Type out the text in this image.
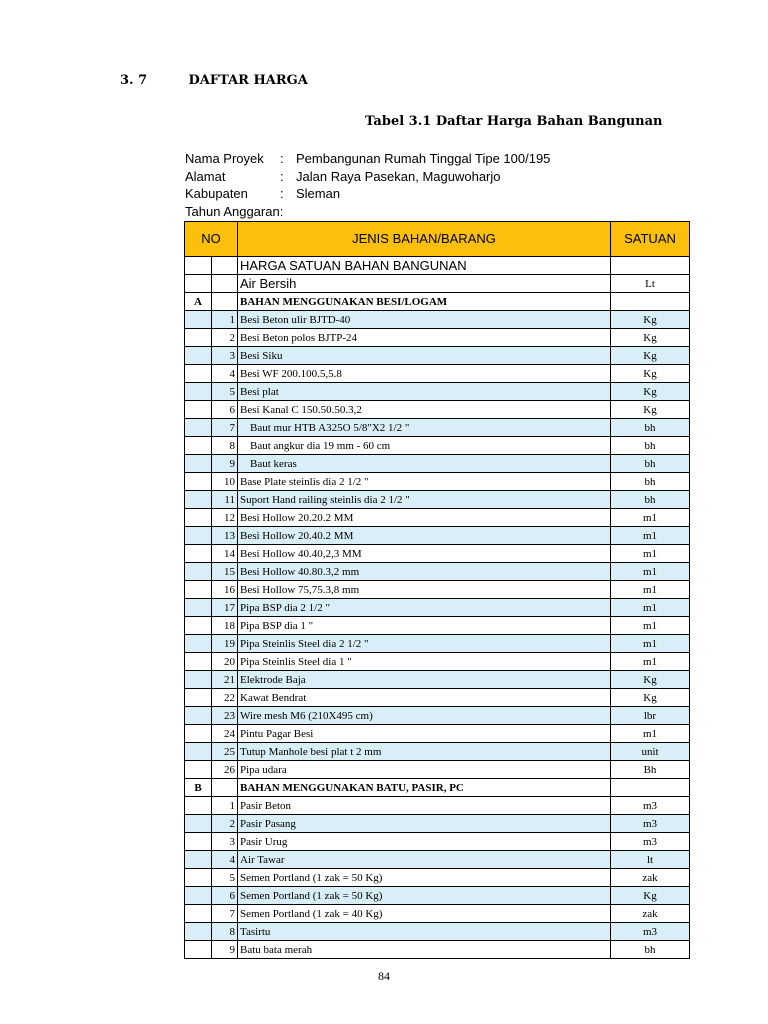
3. 7	DAFTAR HARGA
Tabel 3.1 Daftar Harga Bahan Bangunan
Nama Proyek : Pembangunan Rumah Tinggal Tipe 100/195
Alamat	: Jalan Raya Pasekan, Maguwoharjo
Kabupaten : Sleman
Tahun Anggaran:
NO		JENIS BAHAN/BARANG	SATUAN
		HARGA SATUAN BAHAN BANGUNAN	
		Air Bersih	Lt
A		BAHAN MENGGUNAKAN BESI/LOGAM	
	1	Besi Beton ulir BJTD-40	Kg
	2	Besi Beton polos BJTP-24	Kg
	3	Besi Siku	Kg
	4	Besi WF 200.100.5,5.8	Kg
	5	Besi plat	Kg
	6	Besi Kanal C 150.50.50.3,2	Kg
	7	Baut mur HTB A325O 5/8"X2 1/2 "	bh
	8	Baut angkur dia 19 mm - 60 cm	bh
	9	Baut keras	bh
	10	Base Plate steinlis dia 2 1/2 "	bh
	11	Suport Hand railing steinlis dia 2 1/2 "	bh
	12	Besi Hollow 20.20.2 MM	m1
	13	Besi Hollow 20.40.2 MM	m1
	14	Besi Hollow 40.40,2,3 MM	m1
	15	Besi Hollow 40.80.3,2 mm	m1
	16	Besi Hollow 75,75.3,8 mm	m1
	17	Pipa BSP dia 2 1/2 "	m1
	18	Pipa BSP dia 1 "	m1
	19	Pipa Steinlis Steel dia 2 1/2 "	m1
	20	Pipa Steinlis Steel dia 1 "	m1
	21	Elektrode Baja	Kg
	22	Kawat Bendrat	Kg
	23	Wire mesh M6 (210X495 cm)	lbr
	24	Pintu Pagar Besi	m1
	25	Tutup Manhole besi plat t 2 mm	unit
	26	Pipa udara	Bh
B		BAHAN MENGGUNAKAN BATU, PASIR, PC	
	1	Pasir Beton	m3
	2	Pasir Pasang	m3
	3	Pasir Urug	m3
	4	Air Tawar	lt
	5	Semen Portland (1 zak = 50 Kg)	zak
	6	Semen Portland (1 zak = 50 Kg)	Kg
	7	Semen Portland (1 zak = 40 Kg)	zak
	8	Tasirtu	m3
	9	Batu bata merah	bh
84
